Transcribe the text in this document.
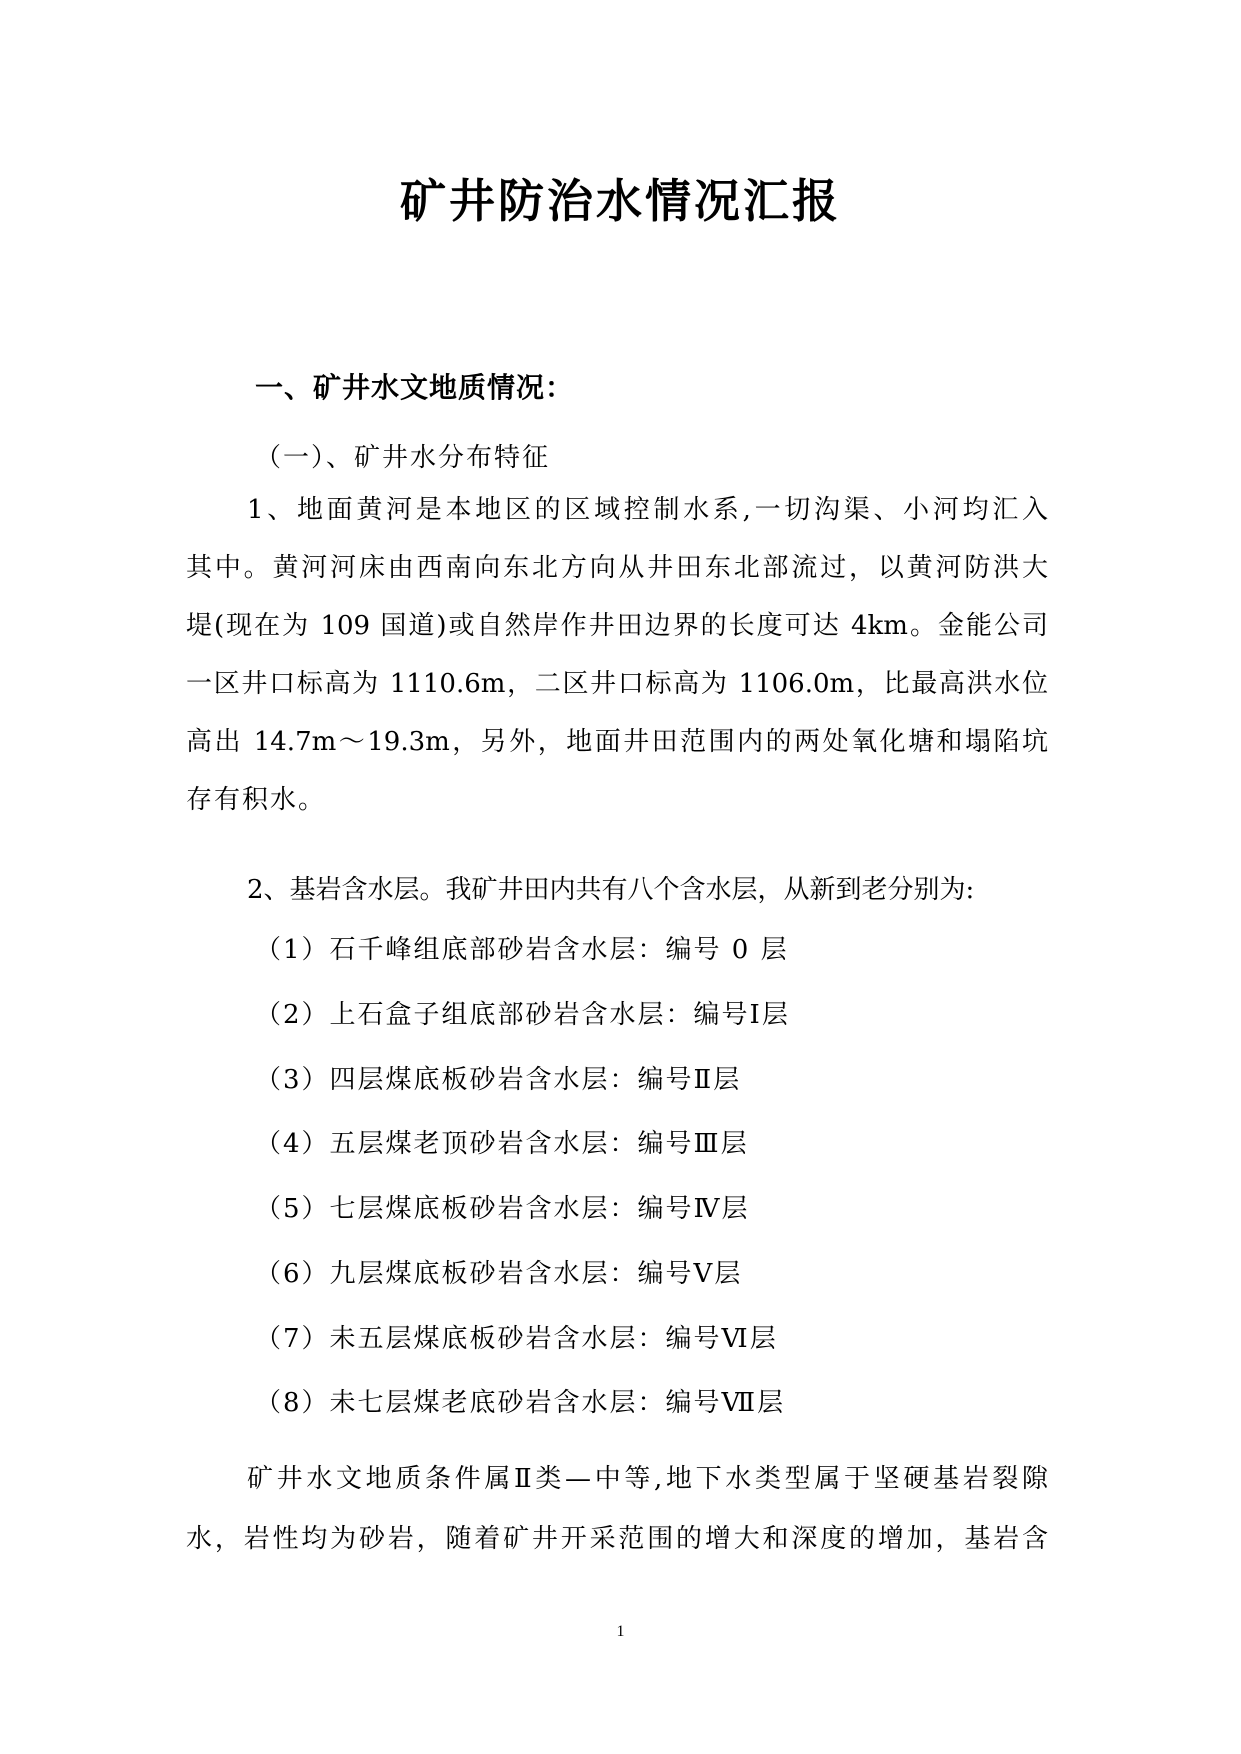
矿井防治水情况汇报
一、矿井水文地质情况：
（一）、矿井水分布特征
1、地面黄河是本地区的区域控制水系,一切沟渠、小河均汇入
其中。黄河河床由西南向东北方向从井田东北部流过，以黄河防洪大
堤(现在为 109 国道)或自然岸作井田边界的长度可达 4km。金能公司
一区井口标高为 1110.6m，二区井口标高为 1106.0m，比最高洪水位
高出 14.7m～19.3m，另外，地面井田范围内的两处氧化塘和塌陷坑
存有积水。
2、基岩含水层。我矿井田内共有八个含水层，从新到老分别为:
（1）石千峰组底部砂岩含水层：编号 0 层
（2）上石盒子组底部砂岩含水层：编号Ⅰ层
（3）四层煤底板砂岩含水层：编号Ⅱ层
（4）五层煤老顶砂岩含水层：编号Ⅲ层
（5）七层煤底板砂岩含水层：编号Ⅳ层
（6）九层煤底板砂岩含水层：编号Ⅴ层
（7）未五层煤底板砂岩含水层：编号Ⅵ层
（8）未七层煤老底砂岩含水层：编号Ⅶ层
矿井水文地质条件属Ⅱ类—中等,地下水类型属于坚硬基岩裂隙
水，岩性均为砂岩，随着矿井开采范围的增大和深度的增加，基岩含
1
